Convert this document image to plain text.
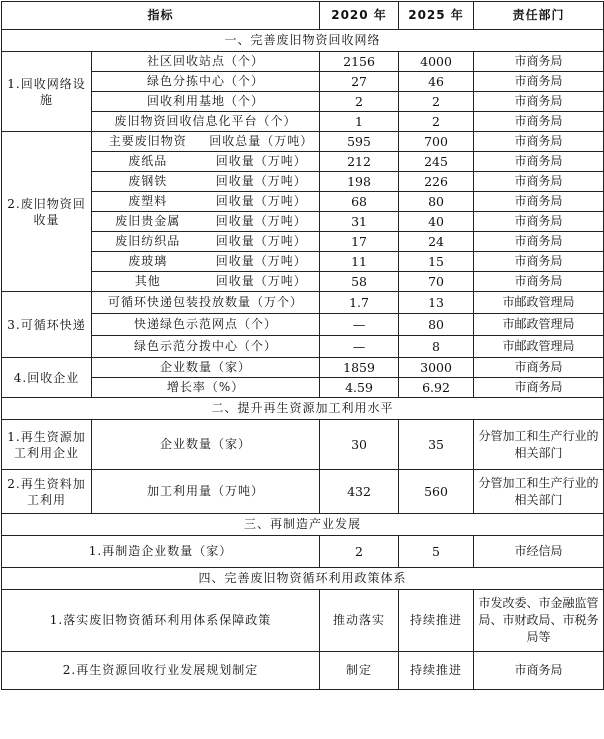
指标			2020 年	2025 年	责任部门
一、完善废旧物资回收网络					
1.回收网络设施	社区回收站点（个）		2156	4000	市商务局
	绿色分拣中心（个）		27	46	市商务局
	回收利用基地（个）		2	2	市商务局
	废旧物资回收信息化平台（个）		1	2	市商务局
2.废旧物资回收量	主要废旧物资	回收总量（万吨）	595	700	市商务局
	废纸品	回收量（万吨）	212	245	市商务局
	废钢铁	回收量（万吨）	198	226	市商务局
	废塑料	回收量（万吨）	68	80	市商务局
	废旧贵金属	回收量（万吨）	31	40	市商务局
	废旧纺织品	回收量（万吨）	17	24	市商务局
	废玻璃	回收量（万吨）	11	15	市商务局
	其他	回收量（万吨）	58	70	市商务局
3.可循环快递	可循环快递包装投放数量（万个）		1.7	13	市邮政管理局
	快递绿色示范网点（个）		—	80	市邮政管理局
	绿色示范分拨中心（个）		—	8	市邮政管理局
4.回收企业	企业数量（家）		1859	3000	市商务局
	增长率（%）		4.59	6.92	市商务局
二、提升再生资源加工利用水平					
1.再生资源加工利用企业	企业数量（家）		30	35	分管加工和生产行业的相关部门
2.再生资料加工利用	加工利用量（万吨）		432	560	分管加工和生产行业的相关部门
三、再制造产业发展					
1.再制造企业数量（家）			2	5	市经信局
四、完善废旧物资循环利用政策体系					
1.落实废旧物资循环利用体系保障政策			推动落实	持续推进	市发改委、市金融监管局、市财政局、市税务局等
2.再生资源回收行业发展规划制定			制定	持续推进	市商务局
